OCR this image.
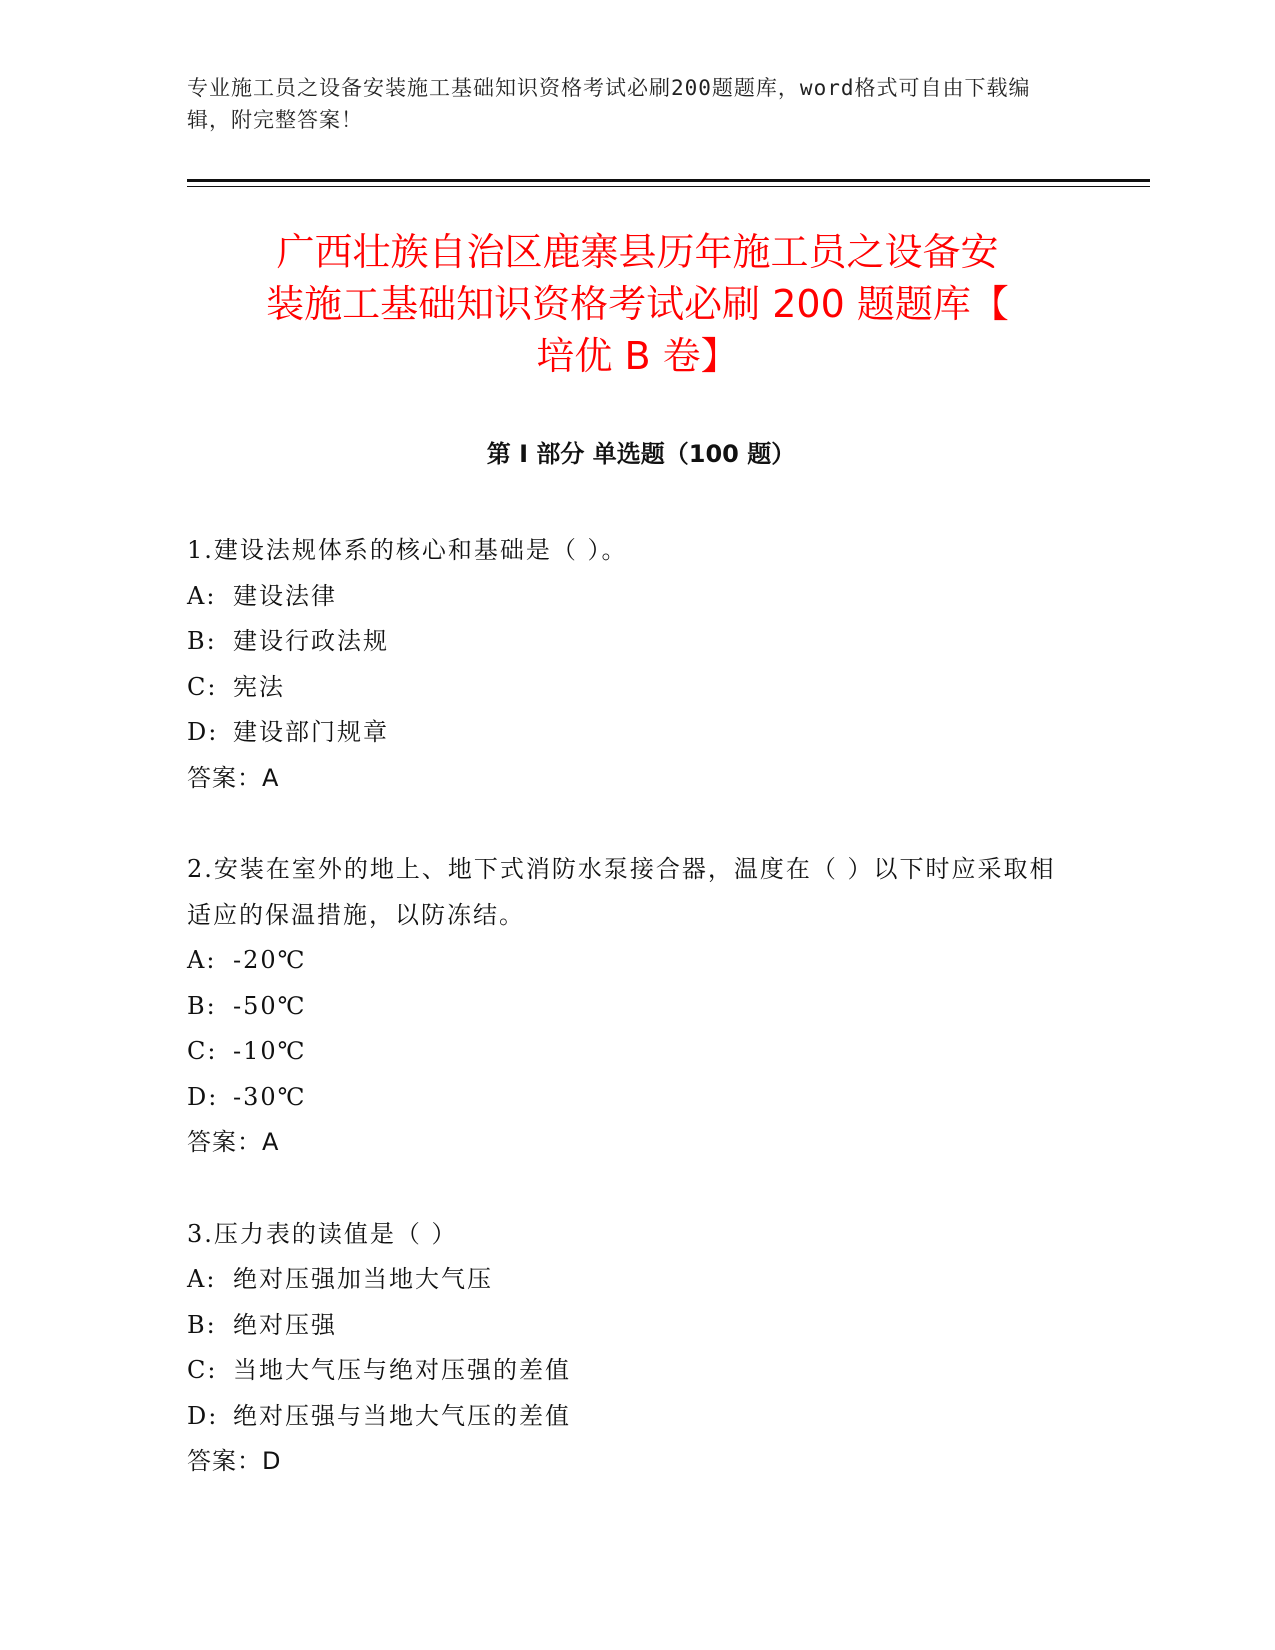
专业施工员之设备安装施工基础知识资格考试必刷200题题库，word格式可自由下载编辑，附完整答案！
广西壮族自治区鹿寨县历年施工员之设备安
装施工基础知识资格考试必刷 200 题题库【
培优 B 卷】
第 I 部分 单选题（100 题）
1.建设法规体系的核心和基础是（ ）。
A: 建设法律
B: 建设行政法规
C: 宪法
D: 建设部门规章
答案：A
2.安装在室外的地上、地下式消防水泵接合器，温度在（ ）以下时应采取相适应的保温措施，以防冻结。
A: -20℃
B: -50℃
C: -10℃
D: -30℃
答案：A
3.压力表的读值是（ ）
A: 绝对压强加当地大气压
B: 绝对压强
C: 当地大气压与绝对压强的差值
D: 绝对压强与当地大气压的差值
答案：D
